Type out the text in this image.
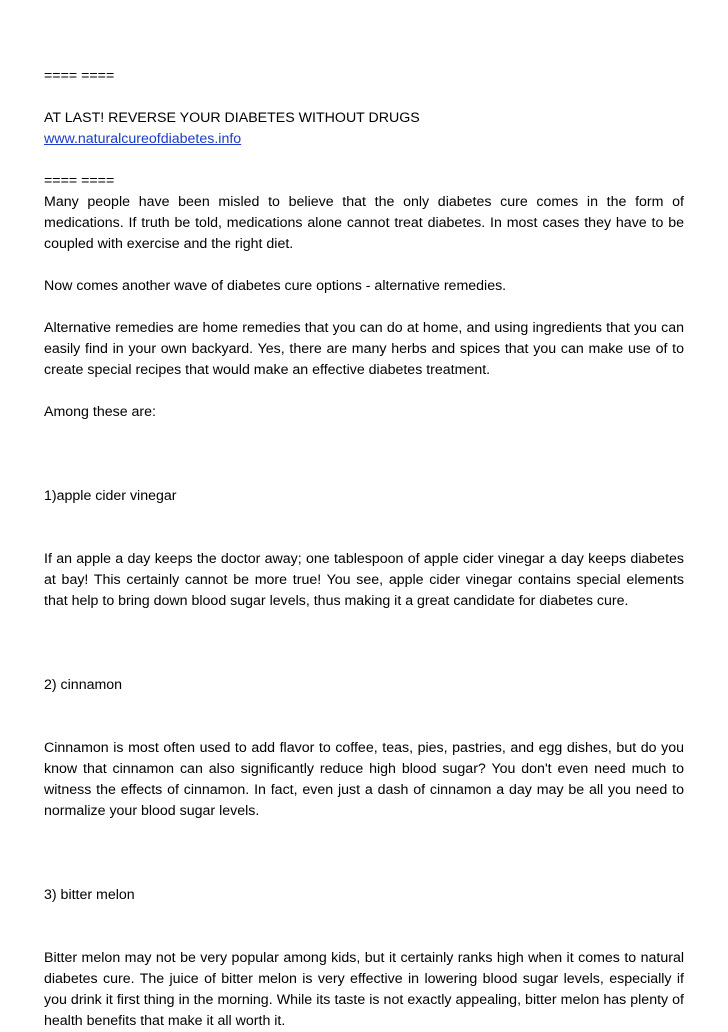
==== ====

AT LAST! REVERSE YOUR DIABETES WITHOUT DRUGS

www.naturalcureofdiabetes.info

==== ====

Many people have been misled to believe that the only diabetes cure comes in the form of medications. If truth be told, medications alone cannot treat diabetes. In most cases they have to be coupled with exercise and the right diet.

Now comes another wave of diabetes cure options - alternative remedies.

Alternative remedies are home remedies that you can do at home, and using ingredients that you can easily find in your own backyard. Yes, there are many herbs and spices that you can make use of to create special recipes that would make an effective diabetes treatment.

Among these are:

1)apple cider vinegar

If an apple a day keeps the doctor away; one tablespoon of apple cider vinegar a day keeps diabetes at bay! This certainly cannot be more true! You see, apple cider vinegar contains special elements that help to bring down blood sugar levels, thus making it a great candidate for diabetes cure.

2) cinnamon

Cinnamon is most often used to add flavor to coffee, teas, pies, pastries, and egg dishes, but do you know that cinnamon can also significantly reduce high blood sugar? You don't even need much to witness the effects of cinnamon. In fact, even just a dash of cinnamon a day may be all you need to normalize your blood sugar levels.

3) bitter melon

Bitter melon may not be very popular among kids, but it certainly ranks high when it comes to natural diabetes cure. The juice of bitter melon is very effective in lowering blood sugar levels, especially if you drink it first thing in the morning. While its taste is not exactly appealing, bitter melon has plenty of health benefits that make it all worth it.
